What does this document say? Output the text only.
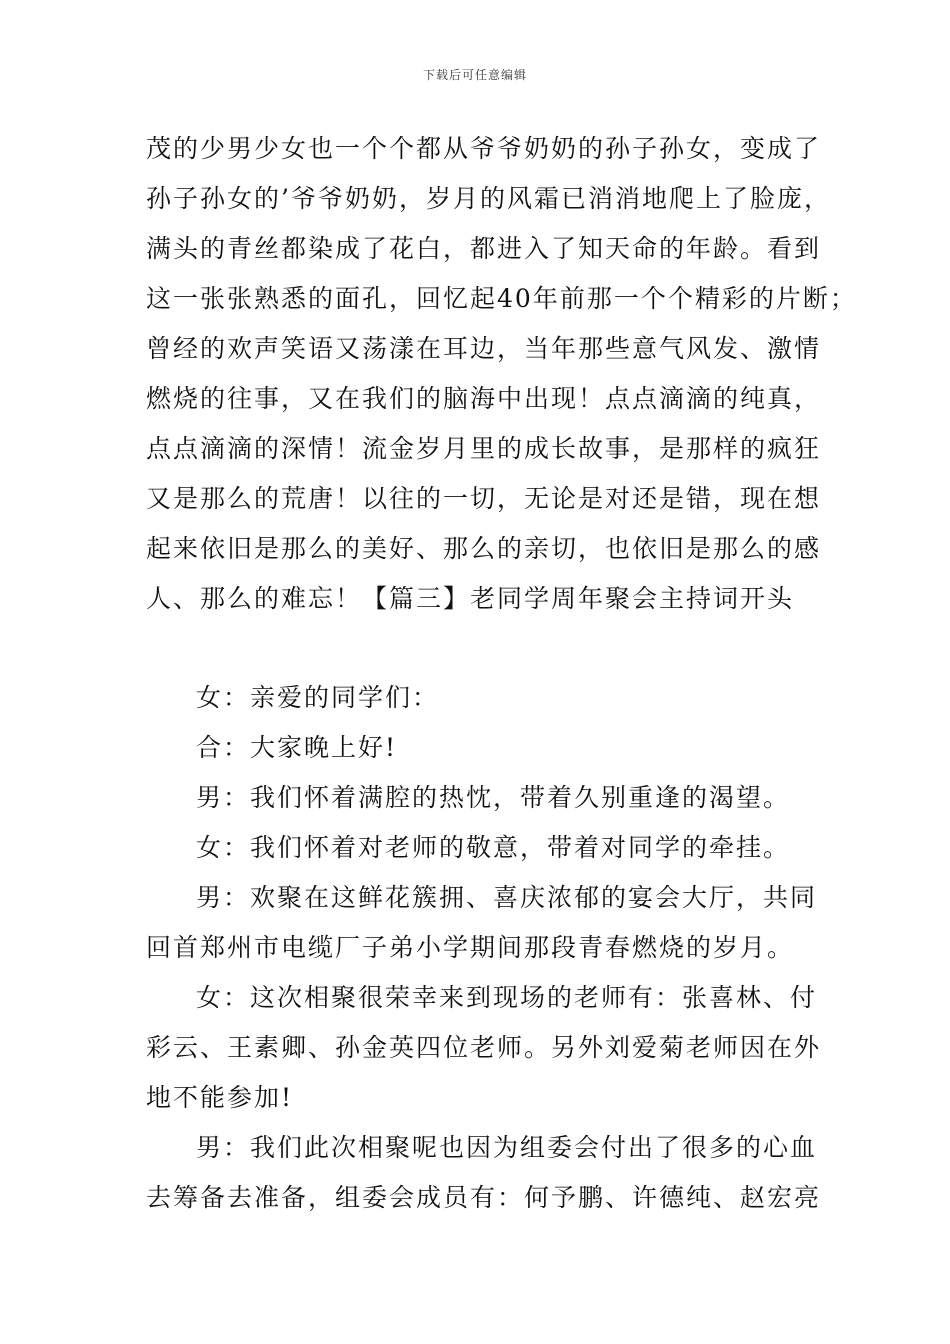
下载后可任意编辑
茂的少男少女也一个个都从爷爷奶奶的孙子孙女，变成了
孙子孙女的’爷爷奶奶，岁月的风霜已消消地爬上了脸庞，
满头的青丝都染成了花白，都进入了知天命的年龄。看到
这一张张熟悉的面孔，回忆起40年前那一个个精彩的片断；
曾经的欢声笑语又荡漾在耳边，当年那些意气风发、激情
燃烧的往事，又在我们的脑海中出现！点点滴滴的纯真，
点点滴滴的深情！流金岁月里的成长故事，是那样的疯狂
又是那么的荒唐！以往的一切，无论是对还是错，现在想
起来依旧是那么的美好、那么的亲切，也依旧是那么的感
人、那么的难忘！【篇三】老同学周年聚会主持词开头
女：亲爱的同学们：
合：大家晚上好!
男：我们怀着满腔的热忱，带着久别重逢的渴望。
女：我们怀着对老师的敬意，带着对同学的牵挂。
男：欢聚在这鲜花簇拥、喜庆浓郁的宴会大厅，共同
回首郑州市电缆厂子弟小学期间那段青春燃烧的岁月。
女：这次相聚很荣幸来到现场的老师有：张喜林、付
彩云、王素卿、孙金英四位老师。另外刘爱菊老师因在外
地不能参加!
男：我们此次相聚呢也因为组委会付出了很多的心血
去筹备去准备，组委会成员有：何予鹏、许德纯、赵宏亮
